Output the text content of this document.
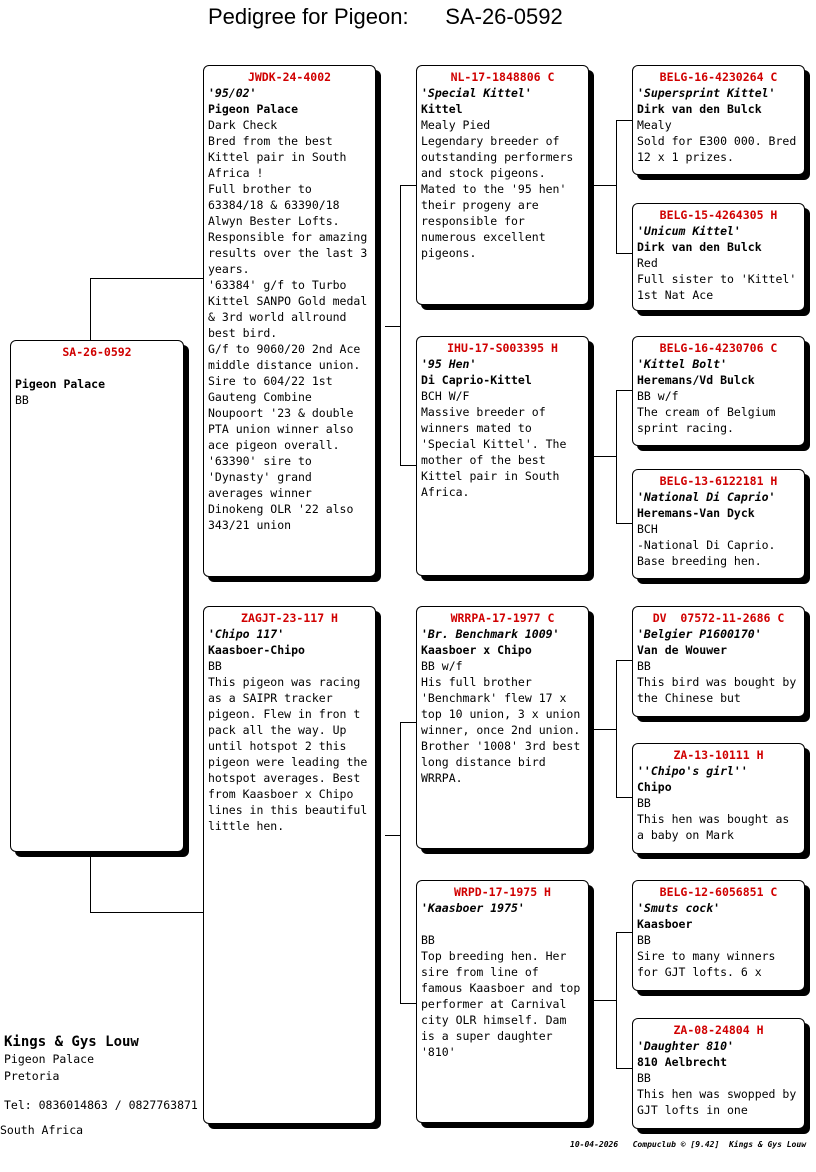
Pedigree for Pigeon: SA-26-0592
SA-26-0592
Pigeon Palace
BB
JWDK-24-4002
'95/02'
Pigeon Palace
Dark Check
Bred from the best Kittel pair in South Africa !
Full brother to 63384/18 & 63390/18 Alwyn Bester Lofts.
Responsible for amazing results over the last 3 years.
'63384' g/f to Turbo Kittel SANPO Gold medal & 3rd world allround best bird.
G/f to 9060/20 2nd Ace middle distance union. Sire to 604/22 1st Gauteng Combine Noupoort '23 & double PTA union winner also ace pigeon overall.
'63390' sire to 'Dynasty' grand averages winner Dinokeng OLR '22 also 343/21 union
ZAGJT-23-117 H
'Chipo 117'
Kaasboer-Chipo
BB
This pigeon was racing as a SAIPR tracker pigeon. Flew in fron t pack all the way. Up until hotspot 2 this pigeon were leading the hotspot averages. Best from Kaasboer x Chipo lines in this beautiful little hen.
NL-17-1848806 C
'Special Kittel'
Kittel
Mealy Pied
Legendary breeder of outstanding performers and stock pigeons. Mated to the '95 hen' their progeny are responsible for numerous excellent pigeons.
IHU-17-S003395 H
'95 Hen'
Di Caprio-Kittel
BCH W/F
Massive breeder of winners mated to 'Special Kittel'. The mother of the best Kittel pair in South Africa.
WRRPA-17-1977 C
'Br. Benchmark 1009'
Kaasboer x Chipo
BB w/f
His full brother 'Benchmark' flew 17 x top 10 union, 3 x union winner, once 2nd union. Brother '1008' 3rd best long distance bird WRRPA.
WRPD-17-1975 H
'Kaasboer 1975'
BB
Top breeding hen. Her sire from line of famous Kaasboer and top performer at Carnival city OLR himself. Dam is a super daughter '810'
BELG-16-4230264 C
'Supersprint Kittel'
Dirk van den Bulck
Mealy
Sold for E300 000. Bred 12 x 1 prizes.
BELG-15-4264305 H
'Unicum Kittel'
Dirk van den Bulck
Red
Full sister to 'Kittel' 1st Nat Ace
BELG-16-4230706 C
'Kittel Bolt'
Heremans/Vd Bulck
BB w/f
The cream of Belgium sprint racing.
BELG-13-6122181 H
'National Di Caprio'
Heremans-Van Dyck
BCH
-National Di Caprio. Base breeding hen.
DV  07572-11-2686 C
'Belgier P1600170'
Van de Wouwer
BB
This bird was bought by the Chinese but
ZA-13-10111 H
''Chipo's girl''
Chipo
BB
This hen was bought as a baby on Mark
BELG-12-6056851 C
'Smuts cock'
Kaasboer
BB
Sire to many winners for GJT lofts. 6 x
ZA-08-24804 H
'Daughter 810'
810 Aelbrecht
BB
This hen was swopped by GJT lofts in one
Kings & Gys Louw
Pigeon Palace
Pretoria
Tel: 0836014863 / 0827763871
South Africa
10-04-2026   Compuclub © [9.42]  Kings & Gys Louw
